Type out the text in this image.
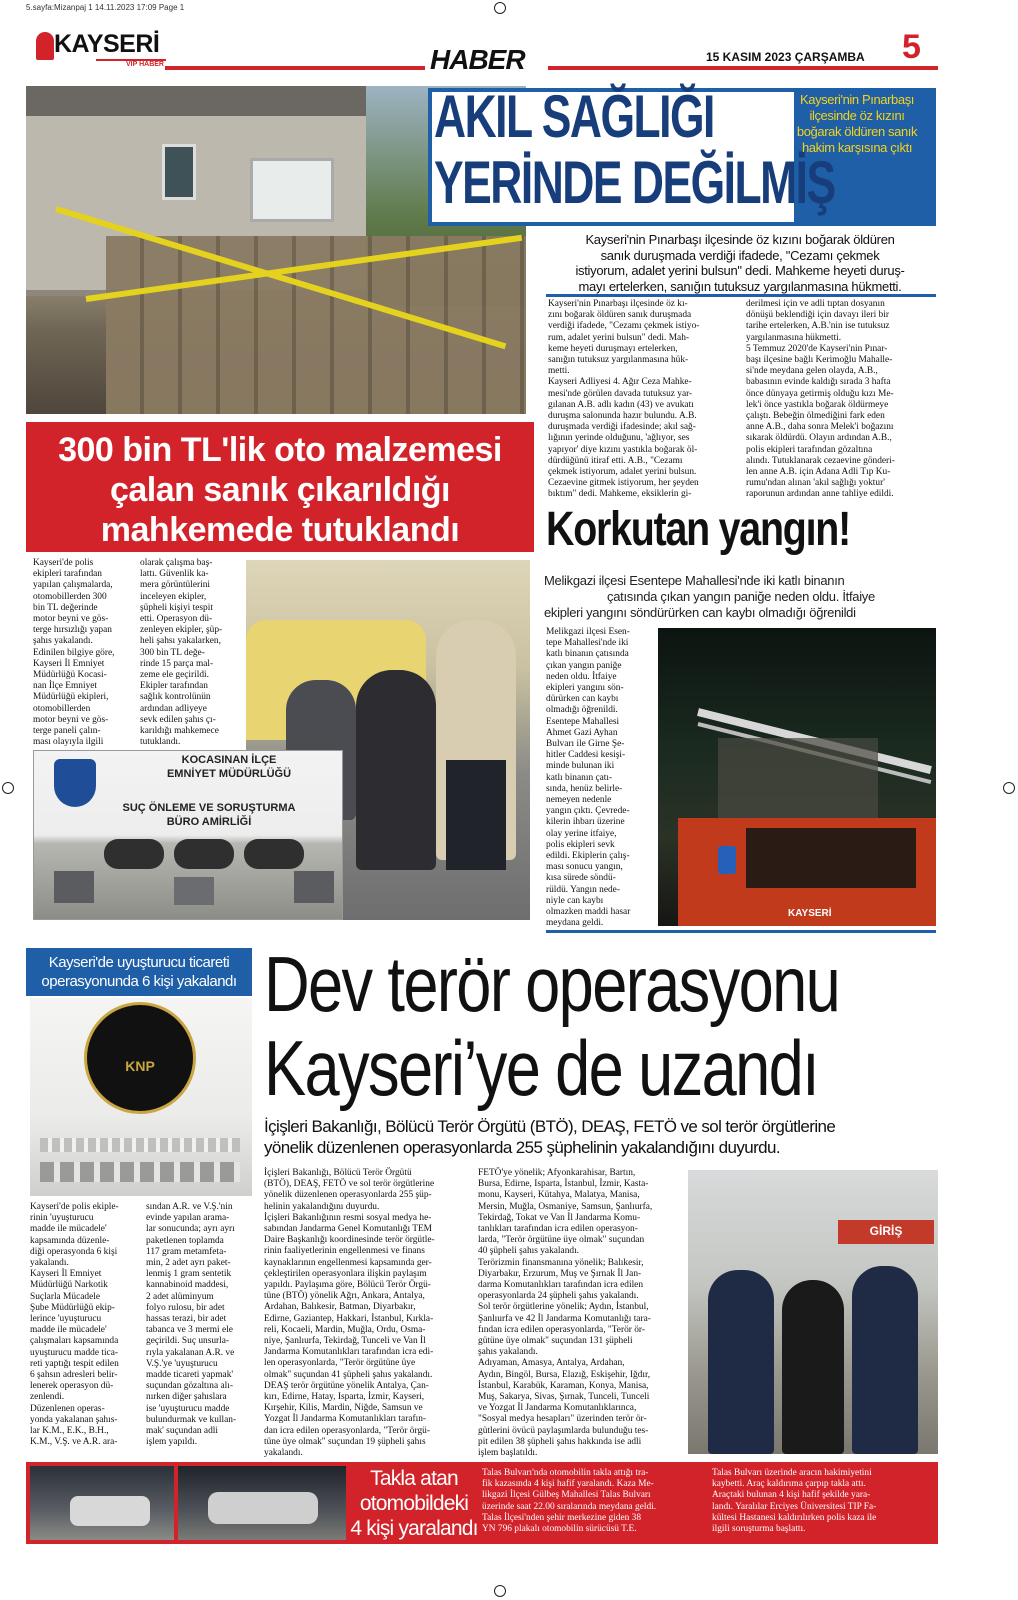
5.sayfa:Mizanpaj 1 14.11.2023 17:09 Page 1
KAYSERİ
VİP HABER	HABER	15 KASIM 2023 ÇARŞAMBA 5
AKIL SAĞLIĞI
YERİNDE DEĞİLMİŞ
Kayseri'nin Pınarbaşı
ilçesinde öz kızını
boğarak öldüren sanık
hakim karşısına çıktı
Kayseri'nin Pınarbaşı ilçesinde öz kızını boğarak öldüren
sanık duruşmada verdiği ifadede, "Cezamı çekmek
istiyorum, adalet yerini bulsun" dedi. Mahkeme heyeti duruş-
mayı ertelerken, sanığın tutuksuz yargılanmasına hükmetti.
Kayseri'nin Pınarbaşı ilçesinde öz kı-
zını boğarak öldüren sanık duruşmada
verdiği ifadede, "Cezamı çekmek istiyo-
rum, adalet yerini bulsun" dedi. Mah-
keme heyeti duruşmayı ertelerken,
sanığın tutuksuz yargılanmasına hük-
metti.
Kayseri Adliyesi 4. Ağır Ceza Mahke-
mesi'nde görülen davada tutuksuz yar-
gılanan A.B. adlı kadın (43) ve avukatı
duruşma salonunda hazır bulundu. A.B.
duruşmada verdiği ifadesinde; akıl sağ-
lığının yerinde olduğunu, 'ağlıyor, ses
yapıyor' diye kızını yastıkla boğarak öl-
dürdüğünü itiraf etti. A.B., "Cezamı
çekmek istiyorum, adalet yerini bulsun.
Cezaevine gitmek istiyorum, her şeyden
bıktım" dedi. Mahkeme, eksiklerin gi-
derilmesi için ve adli tıptan dosyanın
dönüşü beklendiği için davayı ileri bir
tarihe ertelerken, A.B.'nin ise tutuksuz
yargılanmasına hükmetti.
5 Temmuz 2020'de Kayseri'nin Pınar-
başı ilçesine bağlı Kerimoğlu Mahalle-
si'nde meydana gelen olayda, A.B.,
babasının evinde kaldığı sırada 3 hafta
önce dünyaya getirmiş olduğu kızı Me-
lek'i önce yastıkla boğarak öldürmeye
çalıştı. Bebeğin ölmediğini fark eden
anne A.B., daha sonra Melek'i boğazını
sıkarak öldürdü. Olayın ardından A.B.,
polis ekipleri tarafından gözaltına
alındı. Tutuklanarak cezaevine gönderi-
len anne A.B. için Adana Adli Tıp Ku-
rumu'ndan alınan 'akıl sağlığı yoktur'
raporunun ardından anne tahliye edildi.
300 bin TL'lik oto malzemesi
çalan sanık çıkarıldığı
mahkemede tutuklandı
Kayseri'de polis
ekipleri tarafından
yapılan çalışmalarda,
otomobillerden 300
bin TL değerinde
motor beyni ve gös-
terge hırsızlığı yapan
şahıs yakalandı.
Edinilen bilgiye göre,
Kayseri İl Emniyet
Müdürlüğü Kocasi-
nan İlçe Emniyet
Müdürlüğü ekipleri,
otomobillerden
motor beyni ve gös-
terge paneli çalın-
ması olayıyla ilgili
olarak çalışma baş-
lattı. Güvenlik ka-
mera görüntülerini
inceleyen ekipler,
şüpheli kişiyi tespit
etti. Operasyon dü-
zenleyen ekipler, şüp-
heli şahsı yakalarken,
300 bin TL değe-
rinde 15 parça mal-
zeme ele geçirildi.
Ekipler tarafından
sağlık kontrolünün
ardından adliyeye
sevk edilen şahıs çı-
karıldığı mahkemece
tutuklandı.
KOCASINAN İLÇE
EMNİYET MÜDÜRLÜĞÜ
SUÇ ÖNLEME VE SORUŞTURMA
BÜRO AMİRLİĞİ
Korkutan yangın!
Melikgazi ilçesi Esentepe Mahallesi'nde iki katlı binanın
çatısında çıkan yangın paniğe neden oldu. İtfaiye
ekipleri yangını söndürürken can kaybı olmadığı öğrenildi
Melikgazi ilçesi Esen-
tepe Mahallesi'nde iki
katlı binanın çatısında
çıkan yangın paniğe
neden oldu. İtfaiye
ekipleri yangını sön-
dürürken can kaybı
olmadığı öğrenildi.
Esentepe Mahallesi
Ahmet Gazi Ayhan
Bulvarı ile Girne Şe-
hitler Caddesi kesişi-
minde bulunan iki
katlı binanın çatı-
sında, henüz belirle-
nemeyen nedenle
yangın çıktı. Çevrede-
kilerin ihbarı üzerine
olay yerine itfaiye,
polis ekipleri sevk
edildi. Ekiplerin çalış-
ması sonucu yangın,
kısa sürede söndü-
rüldü. Yangın nede-
niyle can kaybı
olmazken maddi hasar
meydana geldi.
KAYSERİ
Kayseri'de uyuşturucu ticareti
operasyonunda 6 kişi yakalandı
KNP
Kayseri'de polis ekiple-
rinin 'uyuşturucu
madde ile mücadele'
kapsamında düzenle-
diği operasyonda 6 kişi
yakalandı.
Kayseri İl Emniyet
Müdürlüğü Narkotik
Suçlarla Mücadele
Şube Müdürlüğü ekip-
lerince 'uyuşturucu
madde ile mücadele'
çalışmaları kapsamında
uyuşturucu madde tica-
reti yaptığı tespit edilen
6 şahsın adresleri belir-
lenerek operasyon dü-
zenlendi.
Düzenlenen operas-
yonda yakalanan şahıs-
lar K.M., E.K., B.H.,
K.M., V.Ş. ve A.R. ara-
sından A.R. ve V.Ş.'nin
evinde yapılan arama-
lar sonucunda; ayrı ayrı
paketlenen toplamda
117 gram metamfeta-
min, 2 adet ayrı paket-
lenmiş 1 gram sentetik
kannabinoid maddesi,
2 adet alüminyum
folyo rulosu, bir adet
hassas terazi, bir adet
tabanca ve 3 mermi ele
geçirildi. Suç unsurla-
rıyla yakalanan A.R. ve
V.Ş.'ye 'uyuşturucu
madde ticareti yapmak'
suçundan gözaltına alı-
nırken diğer şahıslara
ise 'uyuşturucu madde
bulundurmak ve kullan-
mak' suçundan adli
işlem yapıldı.
Dev terör operasyonu
Kayseri’ye de uzandı
İçişleri Bakanlığı, Bölücü Terör Örgütü (BTÖ), DEAŞ, FETÖ ve sol terör örgütlerine
yönelik düzenlenen operasyonlarda 255 şüphelinin yakalandığını duyurdu.
İçişleri Bakanlığı, Bölücü Terör Örgütü
(BTÖ), DEAŞ, FETÖ ve sol terör örgütlerine
yönelik düzenlenen operasyonlarda 255 şüp-
helinin yakalandığını duyurdu.
İçişleri Bakanlığının resmi sosyal medya he-
sabından Jandarma Genel Komutanlığı TEM
Daire Başkanlığı koordinesinde terör örgütle-
rinin faaliyetlerinin engellenmesi ve finans
kaynaklarının engellenmesi kapsamında ger-
çekleştirilen operasyonlara ilişkin paylaşım
yapıldı. Paylaşıma göre, Bölücü Terör Örgü-
tüne (BTÖ) yönelik Ağrı, Ankara, Antalya,
Ardahan, Balıkesir, Batman, Diyarbakır,
Edirne, Gaziantep, Hakkari, İstanbul, Kırkla-
reli, Kocaeli, Mardin, Muğla, Ordu, Osma-
niye, Şanlıurfa, Tekirdağ, Tunceli ve Van İl
Jandarma Komutanlıkları tarafından icra edi-
len operasyonlarda, "Terör örgütüne üye
olmak" suçundan 41 şüpheli şahıs yakalandı.
DEAŞ terör örgütüne yönelik Antalya, Çan-
kırı, Edirne, Hatay, Isparta, İzmir, Kayseri,
Kırşehir, Kilis, Mardin, Niğde, Samsun ve
Yozgat İl Jandarma Komutanlıkları tarafın-
dan icra edilen operasyonlarda, "Terör örgü-
tüne üye olmak" suçundan 19 şüpheli şahıs
yakalandı.
FETÖ'ye yönelik; Afyonkarahisar, Bartın,
Bursa, Edirne, Isparta, İstanbul, İzmir, Kasta-
monu, Kayseri, Kütahya, Malatya, Manisa,
Mersin, Muğla, Osmaniye, Samsun, Şanlıurfa,
Tekirdağ, Tokat ve Van İl Jandarma Komu-
tanlıkları tarafından icra edilen operasyon-
larda, "Terör örgütüne üye olmak" suçundan
40 şüpheli şahıs yakalandı.
Terörizmin finansmanına yönelik; Balıkesir,
Diyarbakır, Erzurum, Muş ve Şırnak İl Jan-
darma Komutanlıkları tarafından icra edilen
operasyonlarda 24 şüpheli şahıs yakalandı.
Sol terör örgütlerine yönelik; Aydın, İstanbul,
Şanlıurfa ve 42 İl Jandarma Komutanlığı tara-
fından icra edilen operasyonlarda, "Terör ör-
gütüne üye olmak" suçundan 131 şüpheli
şahıs yakalandı.
Adıyaman, Amasya, Antalya, Ardahan,
Aydın, Bingöl, Bursa, Elazığ, Eskişehir, Iğdır,
İstanbul, Karabük, Karaman, Konya, Manisa,
Muş, Sakarya, Sivas, Şırnak, Tunceli, Tunceli
ve Yozgat İl Jandarma Komutanlıklarınca,
"Sosyal medya hesapları" üzerinden terör ör-
gütlerini övücü paylaşımlarda bulunduğu tes-
pit edilen 38 şüpheli şahıs hakkında ise adli
işlem başlatıldı.
GİRİŞ
Takla atan
otomobildeki
4 kişi yaralandı
Talas Bulvarı'nda otomobilin takla attığı tra-
fik kazasında 4 kişi hafif yaralandı. Kaza Me-
likgazi İlçesi Gülbeş Mahallesi Talas Bulvarı
üzerinde saat 22.00 sıralarında meydana geldi.
Talas İlçesi'nden şehir merkezine giden 38
YN 796 plakalı otomobilin sürücüsü T.E.
Talas Bulvarı üzerinde aracın hakimiyetini
kaybetti. Araç kaldırıma çarpıp takla attı.
Araçtaki bulunan 4 kişi hafif şekilde yara-
landı. Yaralılar Erciyes Üniversitesi TIP Fa-
kültesi Hastanesi kaldırılırken polis kaza ile
ilgili soruşturma başlattı.
